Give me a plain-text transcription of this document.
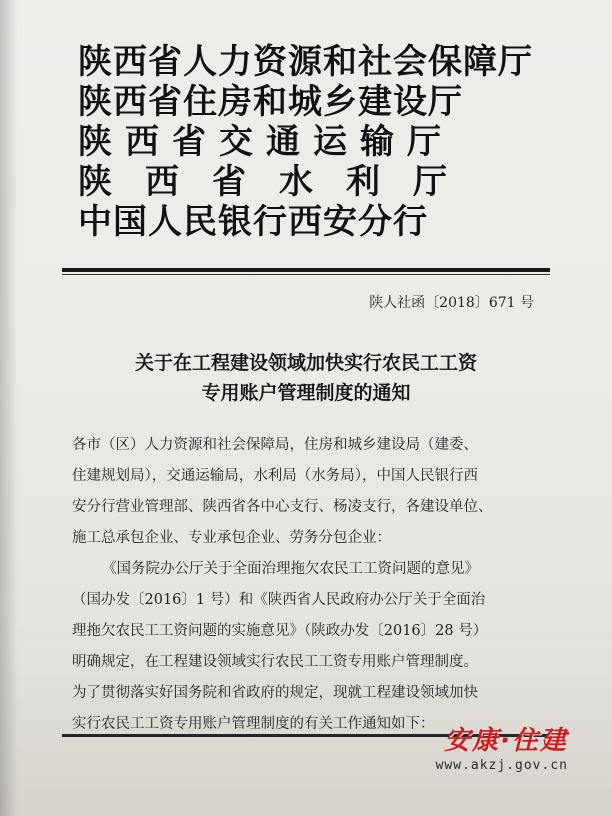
陕西省人力资源和社会保障厅
陕西省住房和城乡建设厅
陕西省交通运输厅
陕西省水利厅
中国人民银行西安分行
陕人社函〔2018〕671 号
关于在工程建设领域加快实行农民工工资
专用账户管理制度的通知
各市（区）人力资源和社会保障局，住房和城乡建设局（建委、
住建规划局），交通运输局，水利局（水务局），中国人民银行西
安分行营业管理部、陕西省各中心支行、杨凌支行，各建设单位、
施工总承包企业、专业承包企业、劳务分包企业：
《国务院办公厅关于全面治理拖欠农民工工资问题的意见》
（国办发〔2016〕1 号）和《陕西省人民政府办公厅关于全面治
理拖欠农民工工资问题的实施意见》（陕政办发〔2016〕28 号）
明确规定，在工程建设领域实行农民工工资专用账户管理制度。
为了贯彻落实好国务院和省政府的规定，现就工程建设领域加快
实行农民工工资专用账户管理制度的有关工作通知如下：
安康·住建
www.akzj.gov.cn
